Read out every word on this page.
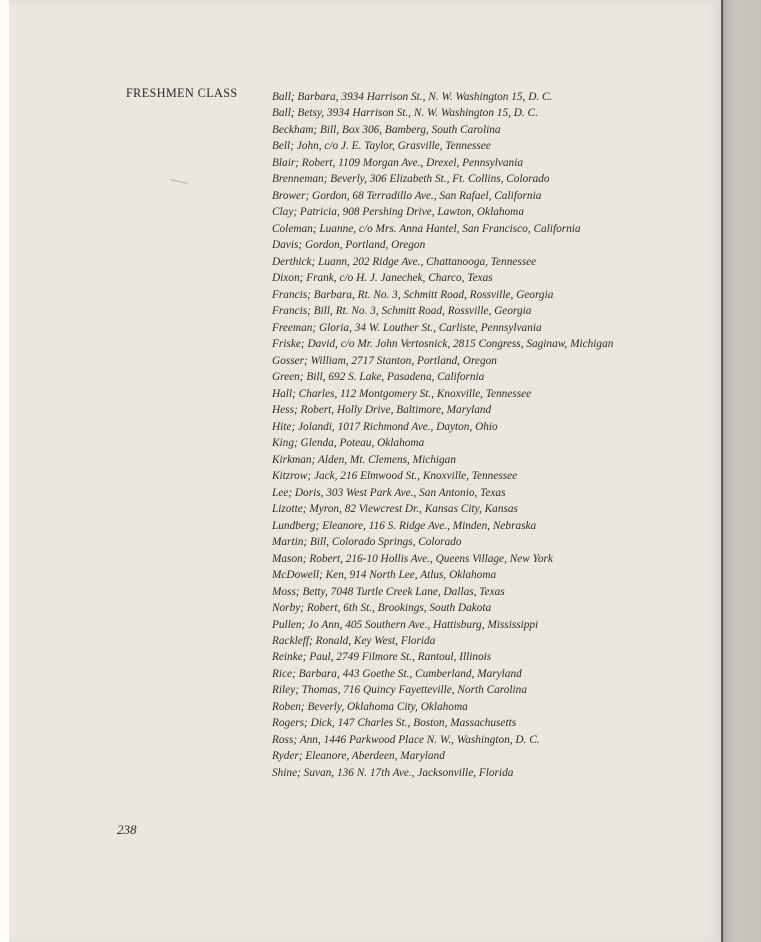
FRESHMEN CLASS	Ball; Barbara, 3934 Harrison St., N. W. Washington 15, D. C.
Ball; Betsy, 3934 Harrison St., N. W. Washington 15, D. C.
Beckham; Bill, Box 306, Bamberg, South Carolina
Bell; John, c/o J. E. Taylor, Grasville, Tennessee
Blair; Robert, 1109 Morgan Ave., Drexel, Pennsylvania
Brenneman; Beverly, 306 Elizabeth St., Ft. Collins, Colorado
Brower; Gordon, 68 Terradillo Ave., San Rafael, California
Clay; Patricia, 908 Pershing Drive, Lawton, Oklahoma
Coleman; Luanne, c/o Mrs. Anna Hantel, San Francisco, California
Davis; Gordon, Portland, Oregon
Derthick; Luann, 202 Ridge Ave., Chattanooga, Tennessee
Dixon; Frank, c/o H. J. Janechek, Charco, Texas
Francis; Barbara, Rt. No. 3, Schmitt Road, Rossville, Georgia
Francis; Bill, Rt. No. 3, Schmitt Road, Rossville, Georgia
Freeman; Gloria, 34 W. Louther St., Carliste, Pennsylvania
Friske; David, c/o Mr. John Vertosnick, 2815 Congress, Saginaw, Michigan
Gosser; William, 2717 Stanton, Portland, Oregon
Green; Bill, 692 S. Lake, Pasadena, California
Hall; Charles, 112 Montgomery St., Knoxville, Tennessee
Hess; Robert, Holly Drive, Baltimore, Maryland
Hite; Jolandi, 1017 Richmond Ave., Dayton, Ohio
King; Glenda, Poteau, Oklahoma
Kirkman; Alden, Mt. Clemens, Michigan
Kitzrow; Jack, 216 Elmwood St., Knoxville, Tennessee
Lee; Doris, 303 West Park Ave., San Antonio, Texas
Lizotte; Myron, 82 Viewcrest Dr., Kansas City, Kansas
Lundberg; Eleanore, 116 S. Ridge Ave., Minden, Nebraska
Martin; Bill, Colorado Springs, Colorado
Mason; Robert, 216-10 Hollis Ave., Queens Village, New York
McDowell; Ken, 914 North Lee, Atlus, Oklahoma
Moss; Betty, 7048 Turtle Creek Lane, Dallas, Texas
Norby; Robert, 6th St., Brookings, South Dakota
Pullen; Jo Ann, 405 Southern Ave., Hattisburg, Mississippi
Rackleff; Ronald, Key West, Florida
Reinke; Paul, 2749 Filmore St., Rantoul, Illinois
Rice; Barbara, 443 Goethe St., Cumberland, Maryland
Riley; Thomas, 716 Quincy Fayetteville, North Carolina
Roben; Beverly, Oklahoma City, Oklahoma
Rogers; Dick, 147 Charles St., Boston, Massachusetts
Ross; Ann, 1446 Parkwood Place N. W., Washington, D. C.
Ryder; Eleanore, Aberdeen, Maryland
Shine; Suvan, 136 N. 17th Ave., Jacksonville, Florida
238
